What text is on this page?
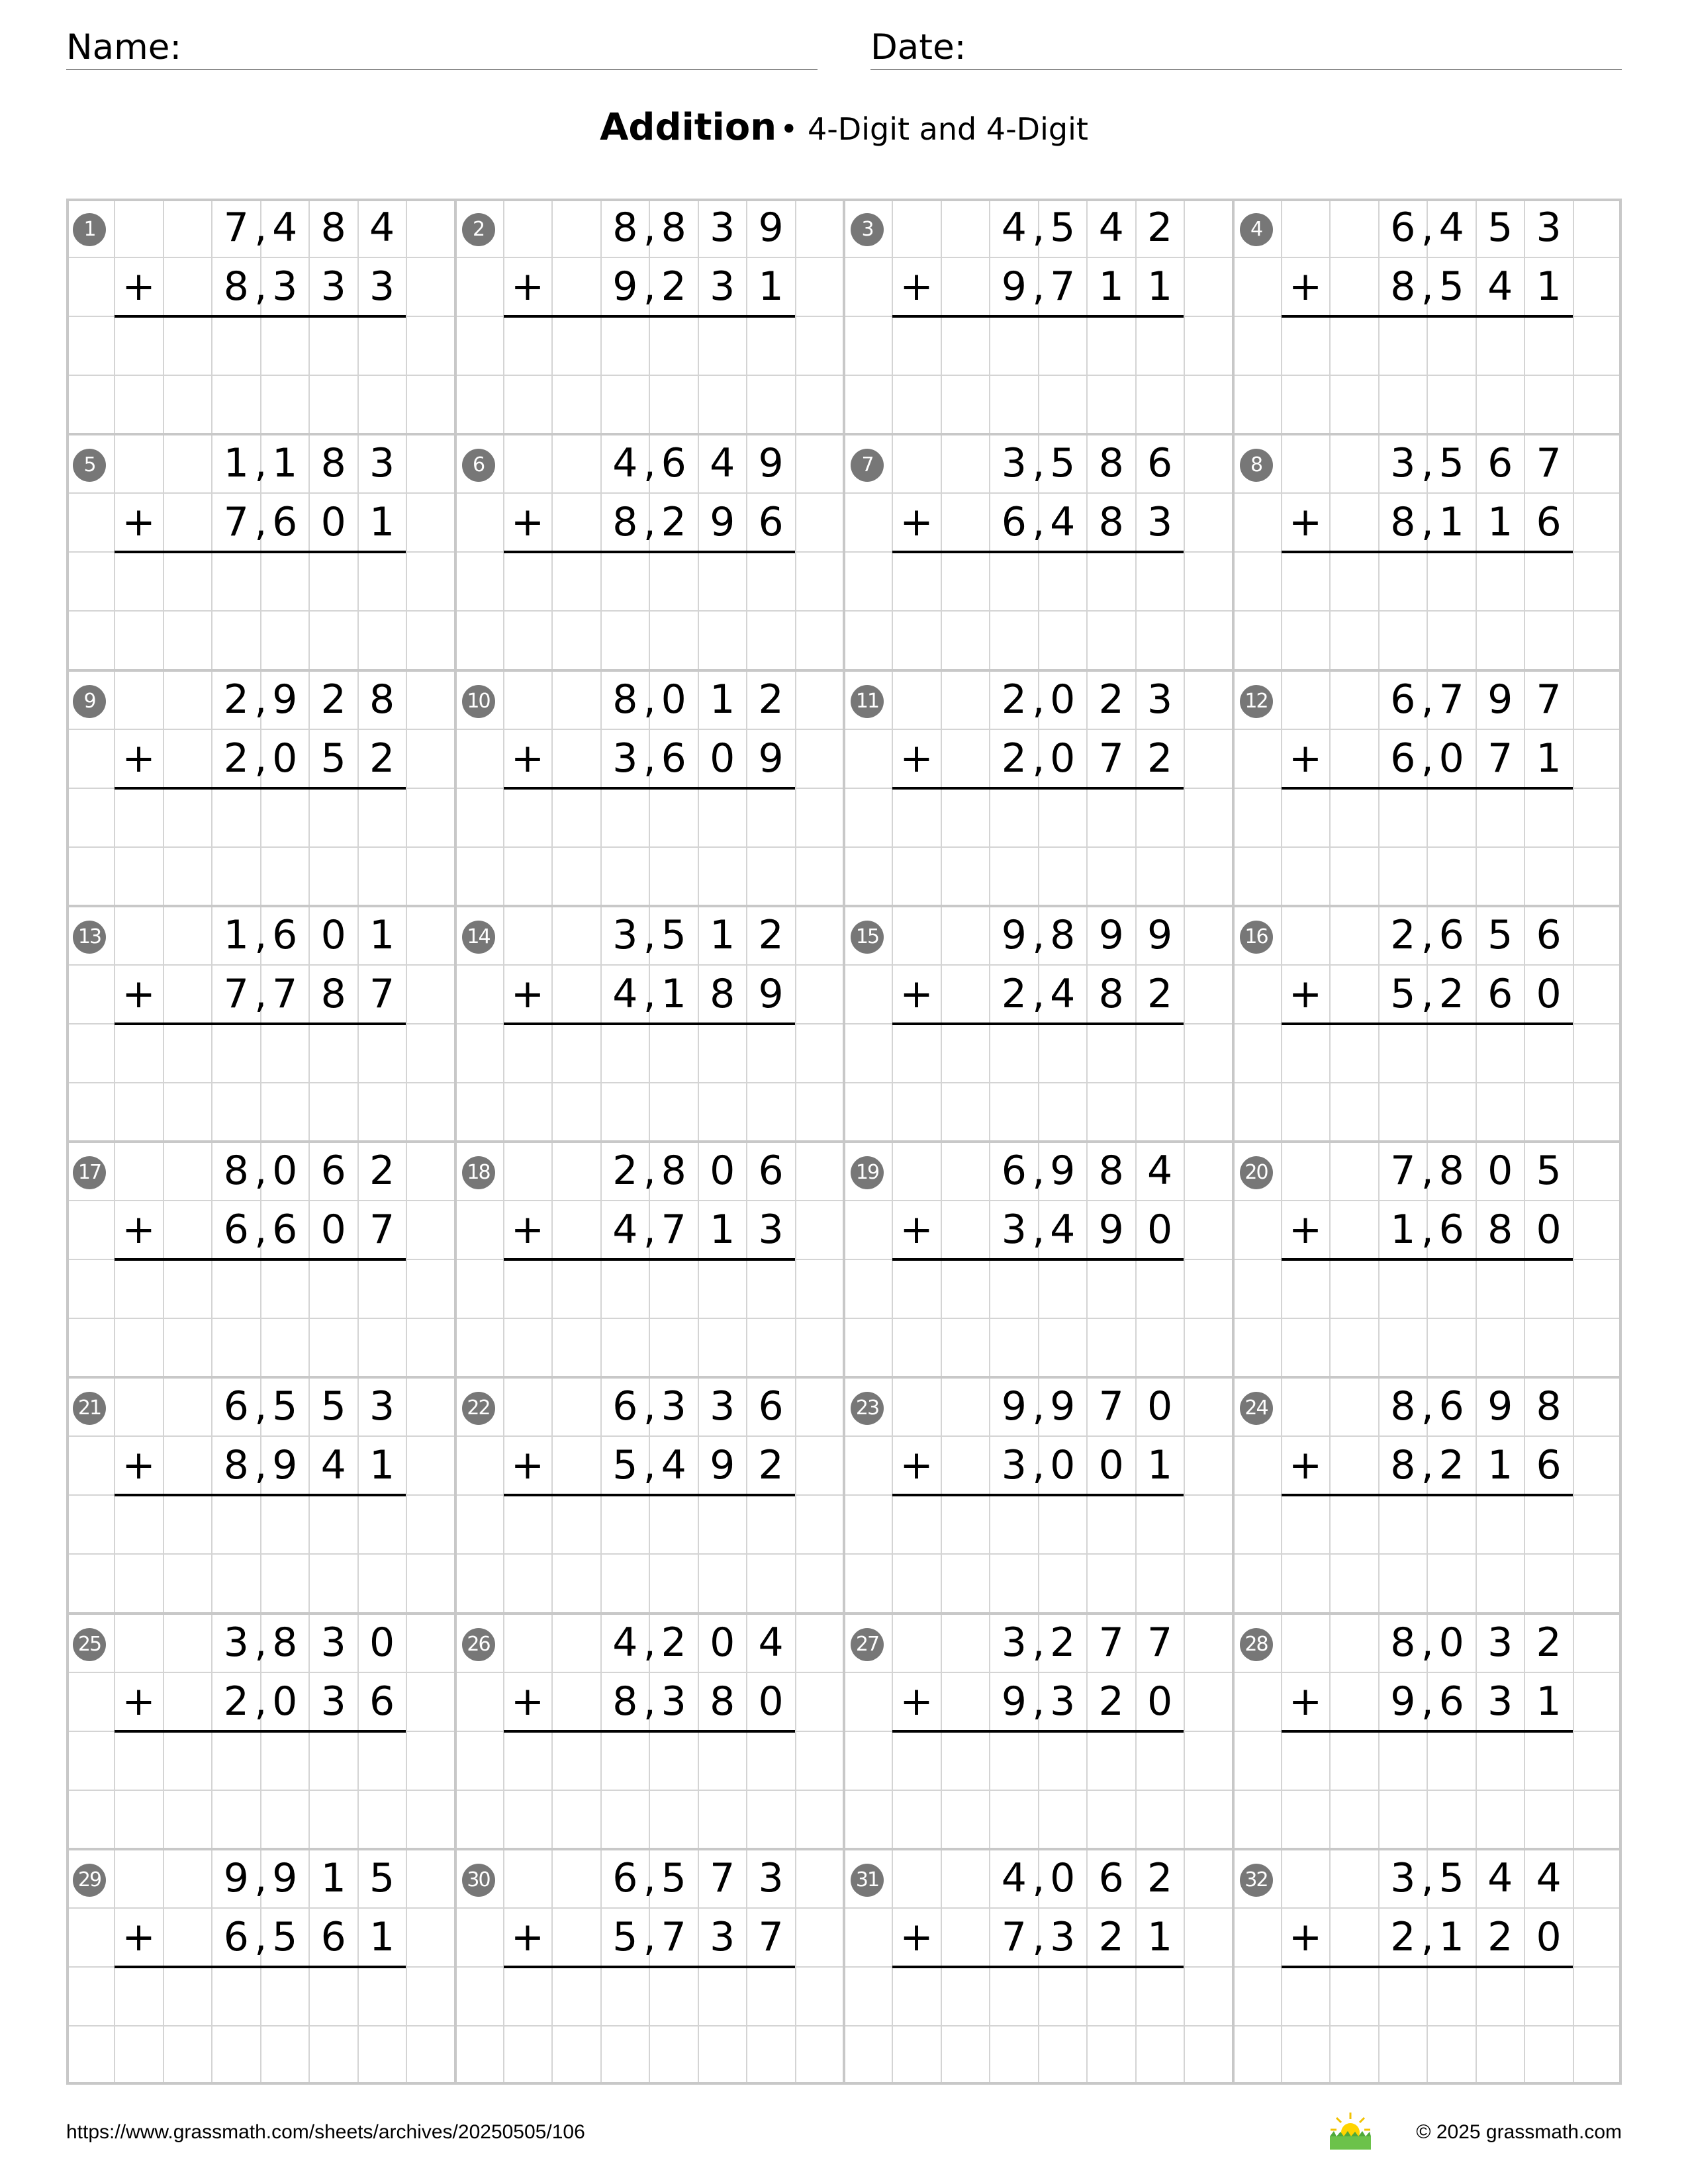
Name:	Date:
Addition • 4-Digit and 4-Digit
1	7 4 8 4
,
8 3 3 3
,
+
2	8 8 3 9
,
9 2 3 1
,
+
3	4 5 4 2
,
9 7 1 1
,
+
4	6 4 5 3
,
8 5 4 1
,
+
5	1 1 8 3
,
7 6 0 1
,
+
6	4 6 4 9
,
8 2 9 6
,
+
7	3 5 8 6
,
6 4 8 3
,
+
8	3 5 6 7
,
8 1 1 6
,
+
9	2 9 2 8
,
2 0 5 2
,
+
10	8 0 1 2
,
3 6 0 9
,
+
11	2 0 2 3
,
2 0 7 2
,
+
12	6 7 9 7
,
6 0 7 1
,
+
13	1 6 0 1
,
7 7 8 7
,
+
14	3 5 1 2
,
4 1 8 9
,
+
15	9 8 9 9
,
2 4 8 2
,
+
16	2 6 5 6
,
5 2 6 0
,
+
17	8 0 6 2
,
6 6 0 7
,
+
18	2 8 0 6
,
4 7 1 3
,
+
19	6 9 8 4
,
3 4 9 0
,
+
20	7 8 0 5
,
1 6 8 0
,
+
21	6 5 5 3
,
8 9 4 1
,
+
22	6 3 3 6
,
5 4 9 2
,
+
23	9 9 7 0
,
3 0 0 1
,
+
24	8 6 9 8
,
8 2 1 6
,
+
25	3 8 3 0
,
2 0 3 6
,
+
26	4 2 0 4
,
8 3 8 0
,
+
27	3 2 7 7
,
9 3 2 0
,
+
28	8 0 3 2
,
9 6 3 1
,
+
29	9 9 1 5
,
6 5 6 1
,
+
30	6 5 7 3
,
5 7 3 7
,
+
31	4 0 6 2
,
7 3 2 1
,
+
32	3 5 4 4
,
2 1 2 0
,
+
https://www.grassmath.com/sheets/archives/20250505/106	© 2025 grassmath.com
